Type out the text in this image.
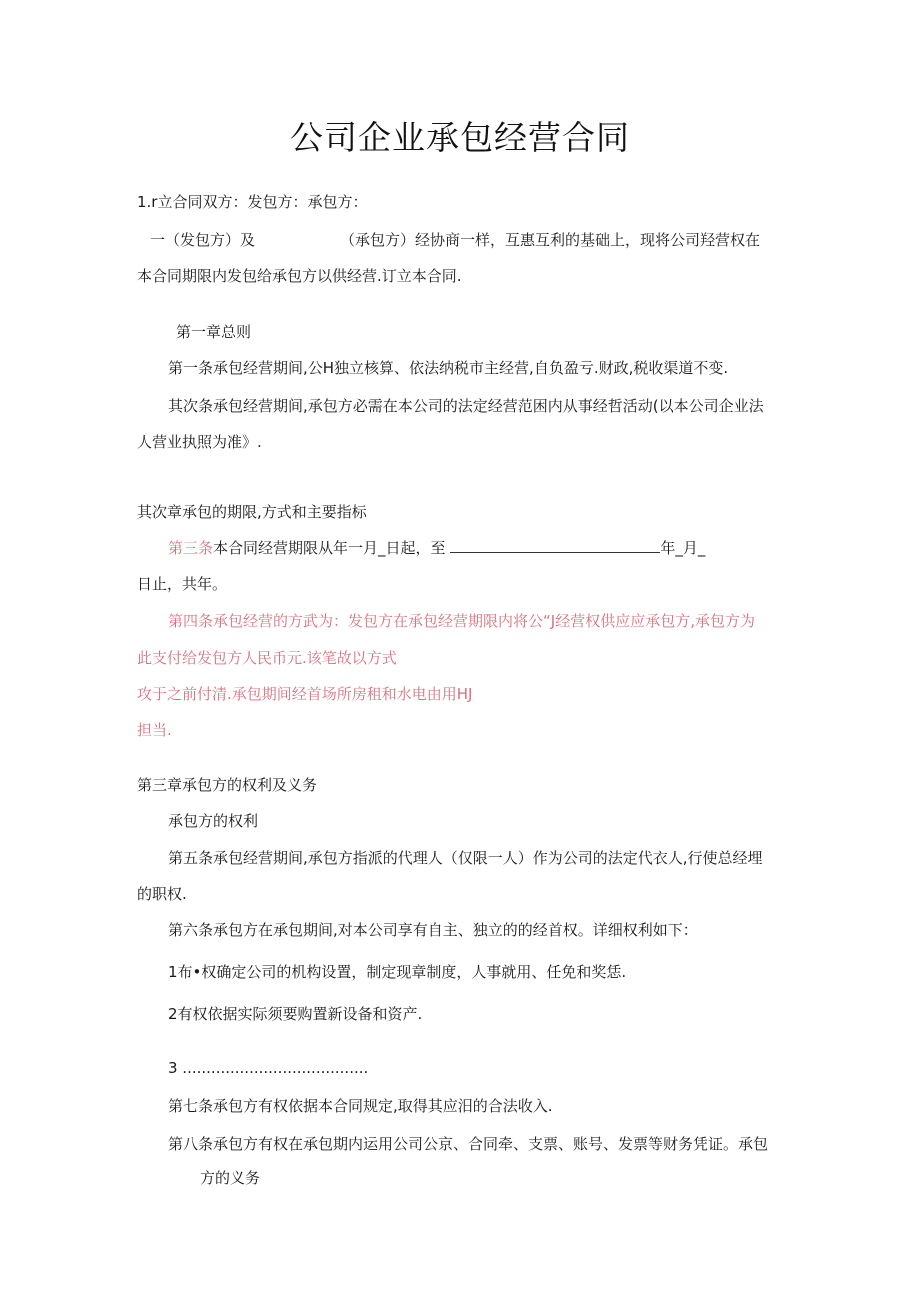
公司企业承包经营合同
1.r立合同双方：发包方：承包方：
一（发包方）及	（承包方）经协商一样，互惠互利的基础上，现将公司羟营权在
本合同期限内发包给承包方以供经营.订立本合同.
第一章总则
第一条承包经营期间,公H独立核算、依法纳税市主经营,自负盈亏.财政,税收渠道不变.
其次条承包经营期间,承包方必需在本公司的法定经营范困内从事经哲活动(以本公司企业法
人营业执照为准》.
其次章承包的期限,方式和主要指标
第三条本合同经营期限从年一月_日起，至	年_月_
日止，共年。
第四条承包经营的方武为：发包方在承包经营期限内将公“J经营权供应应承包方,承包方为
此支付给发包方人民币元.该笔故以方式
攻于之前付清.承包期间经首场所房租和水电由用HJ
担当.
第三章承包方的权利及义务
承包方的权利
第五条承包经营期间,承包方指派的代理人（仅限一人）作为公司的法定代衣人,行使总经埋
的职权.
第六条承包方在承包期间,对本公司享有自主、独立的的经首权。详细权利如下：
1布•权确定公司的机构设置，制定现章制度，人事就用、任免和奖恁.
2有权依据实际须要购置新设备和资产.
3 .......................................
第七条承包方有权依据本合同规定,取得其应汨的合法收入.
第八条承包方有权在承包期内运用公司公京、合同牵、支票、账号、发票等财务凭证。承包
方的义务
